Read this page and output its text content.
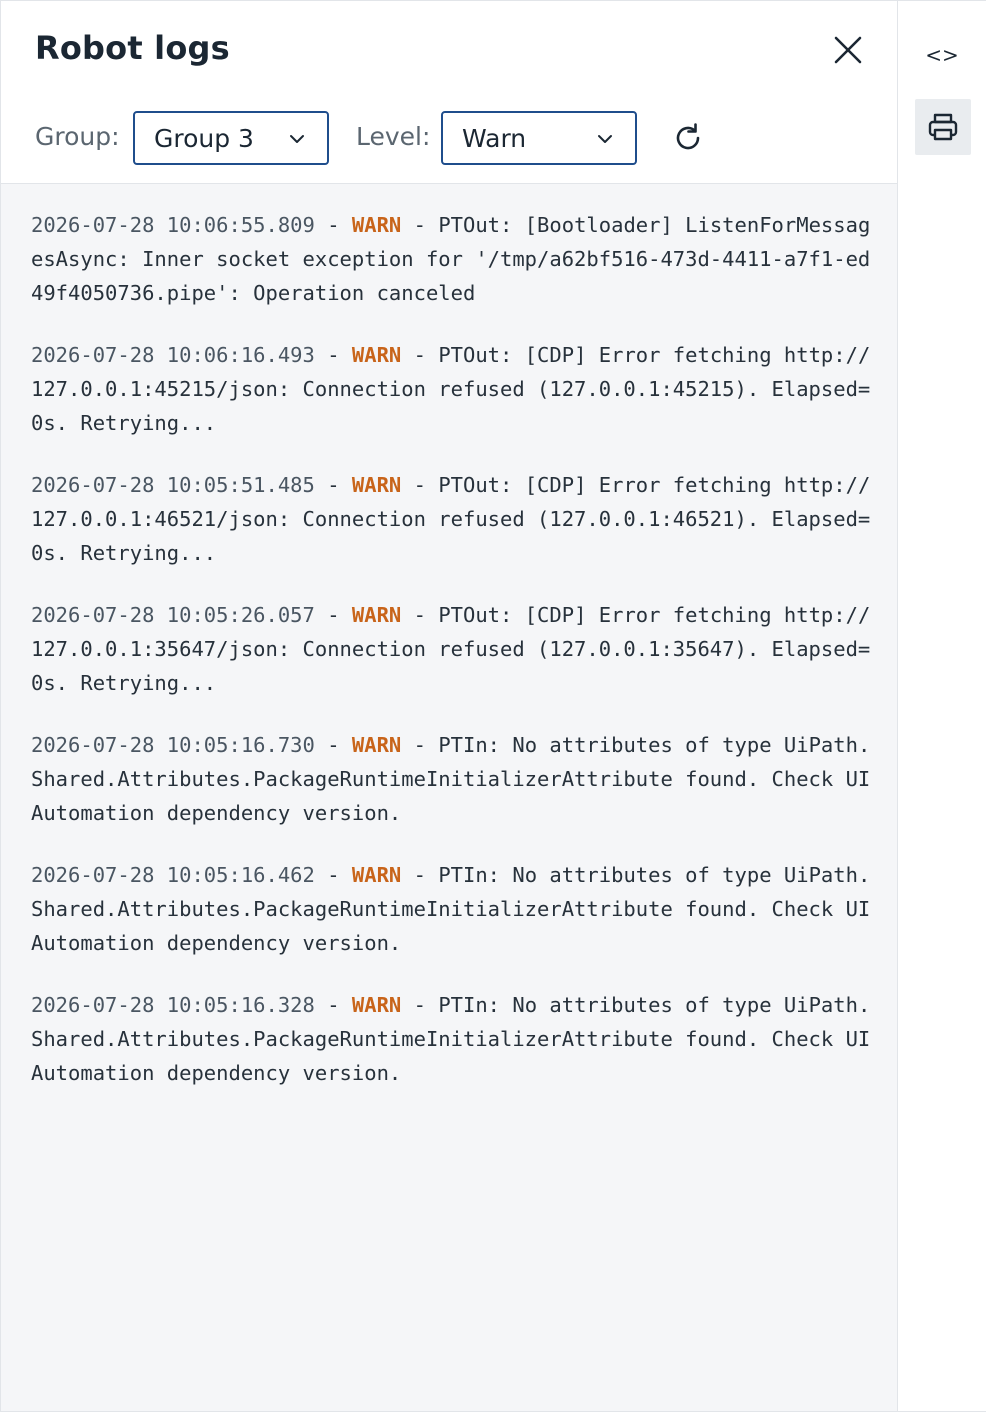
Robot logs
Group: Group 3	Level: Warn
2026-07-28 10:06:55.809 - WARN - PTOut: [Bootloader] ListenForMessagesAsync: Inner socket exception for '/tmp/a62bf516-473d-4411-a7f1-ed49f4050736.pipe': Operation canceled
2026-07-28 10:06:16.493 - WARN - PTOut: [CDP] Error fetching http://127.0.0.1:45215/json: Connection refused (127.0.0.1:45215). Elapsed=0s. Retrying...
2026-07-28 10:05:51.485 - WARN - PTOut: [CDP] Error fetching http://127.0.0.1:46521/json: Connection refused (127.0.0.1:46521). Elapsed=0s. Retrying...
2026-07-28 10:05:26.057 - WARN - PTOut: [CDP] Error fetching http://127.0.0.1:35647/json: Connection refused (127.0.0.1:35647). Elapsed=0s. Retrying...
2026-07-28 10:05:16.730 - WARN - PTIn: No attributes of type UiPath.Shared.Attributes.PackageRuntimeInitializerAttribute found. Check UIAutomation dependency version.
2026-07-28 10:05:16.462 - WARN - PTIn: No attributes of type UiPath.Shared.Attributes.PackageRuntimeInitializerAttribute found. Check UIAutomation dependency version.
2026-07-28 10:05:16.328 - WARN - PTIn: No attributes of type UiPath.Shared.Attributes.PackageRuntimeInitializerAttribute found. Check UIAutomation dependency version.
<>
